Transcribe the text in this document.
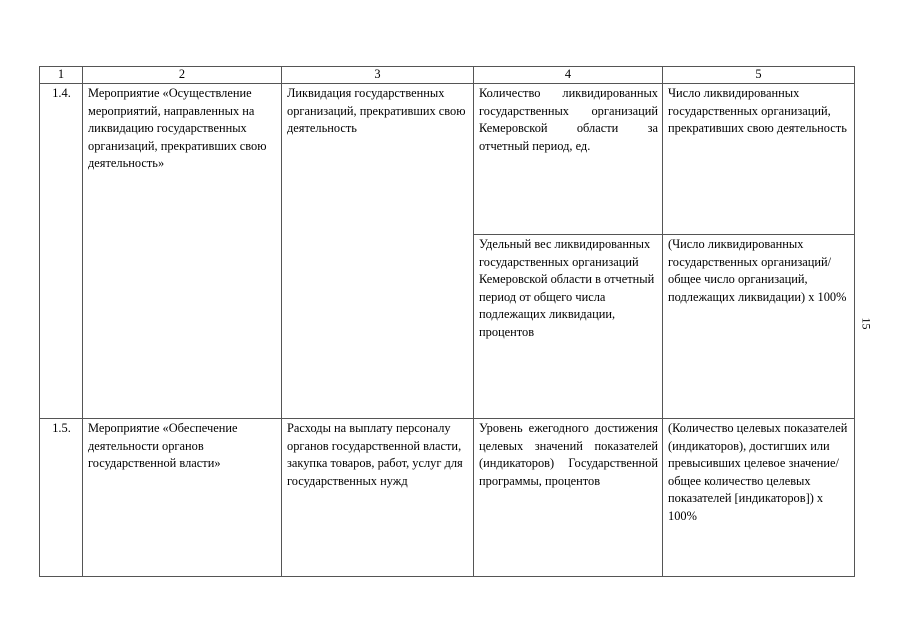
1	2	3	4	5
1.4.	Мероприятие «Осуществление мероприятий, направленных на ликвидацию государственных организаций, прекративших свою деятельность»	Ликвидация государственных организаций, прекративших свою деятельность	Количество ликвидированных государственных организаций Кемеровской области за отчетный период, ед.	Число ликвидированных государственных организаций, прекративших свою деятельность
			Удельный вес ликвидированных государственных организаций Кемеровской области в отчетный период от общего числа подлежащих ликвидации, процентов	(Число ликвидированных государственных организаций/общее число организаций, подлежащих ликвидации) х 100%
1.5.	Мероприятие «Обеспечение деятельности органов государственной власти»	Расходы на выплату персоналу органов государственной власти, закупка товаров, работ, услуг для государственных нужд	Уровень ежегодного достижения целевых значений показателей (индикаторов) Государственной программы, процентов	(Количество целевых показателей (индикаторов), достигших или превысивших целевое значение/общее количество целевых показателей [индикаторов]) х 100%
15
